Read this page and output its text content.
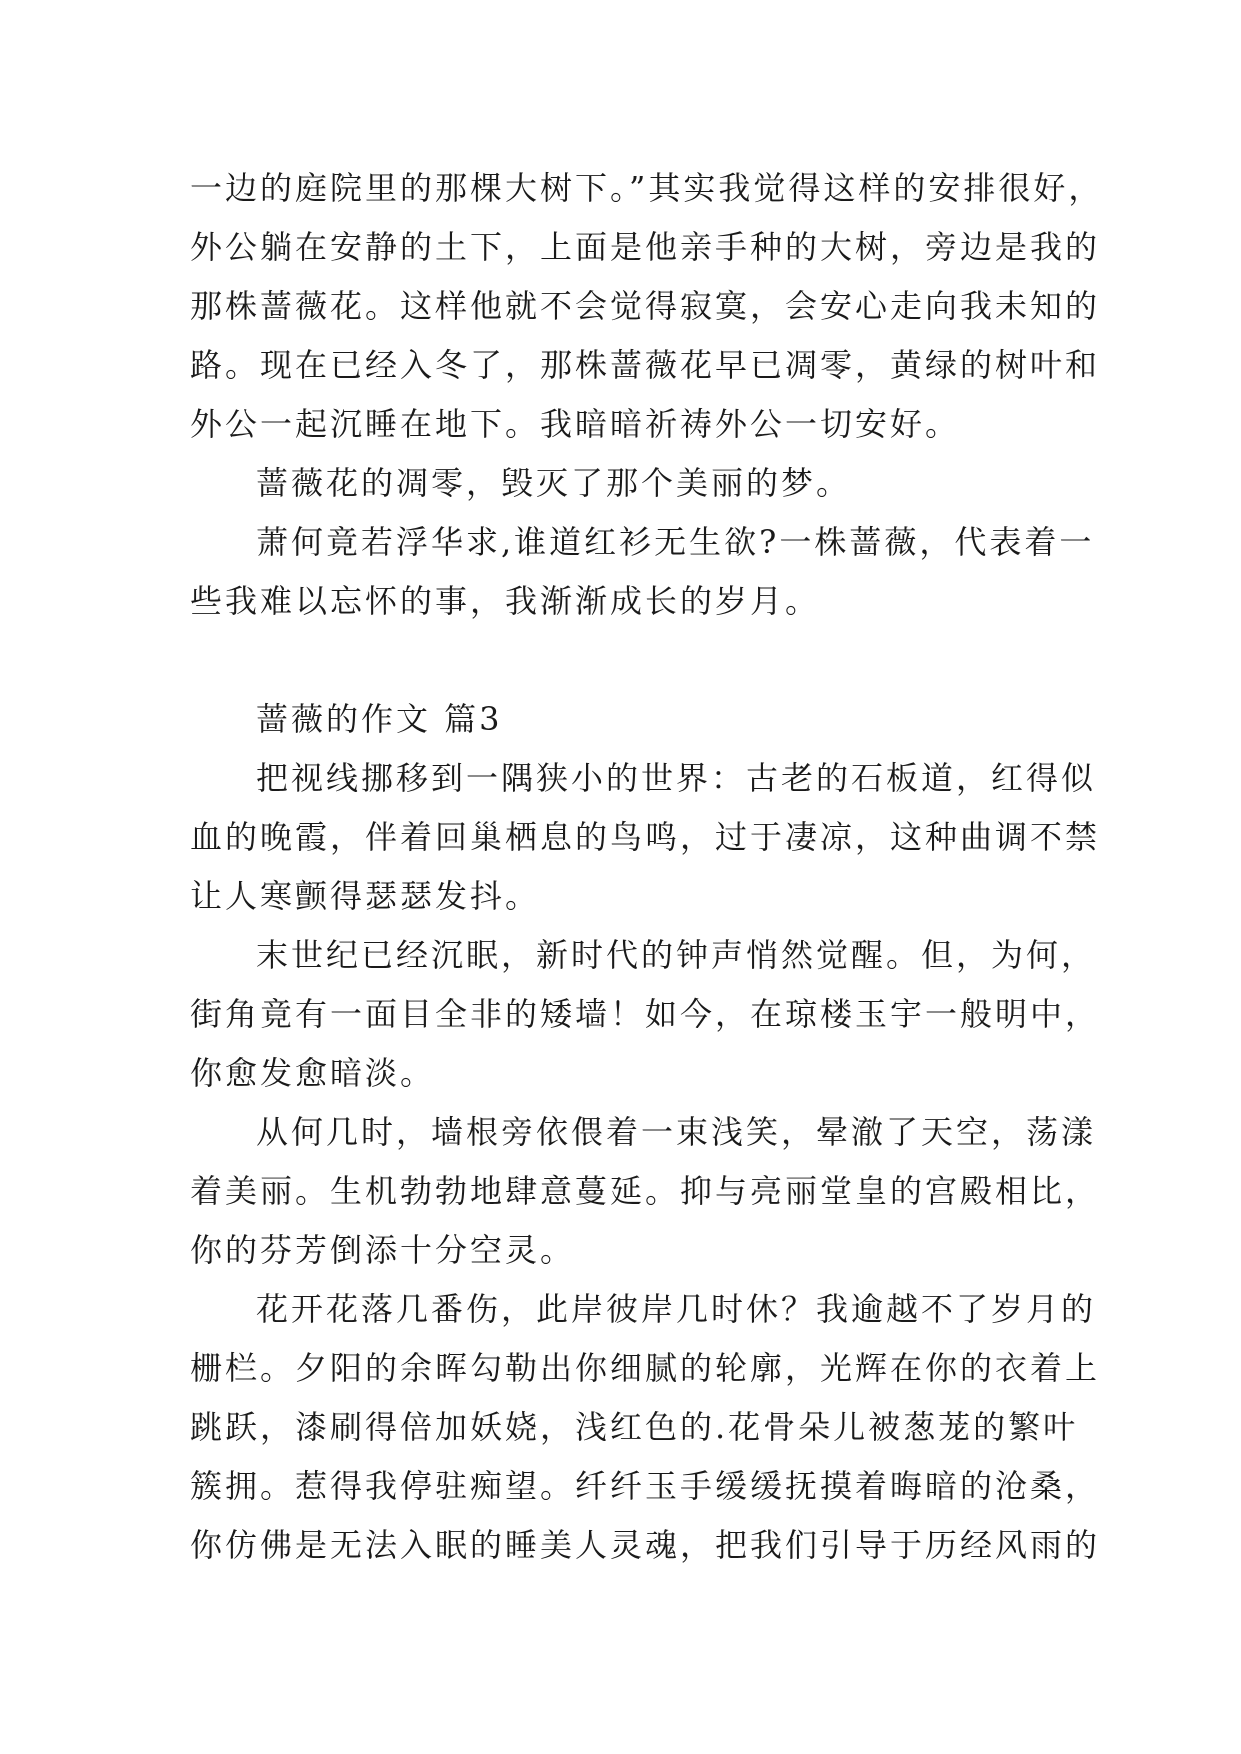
一边的庭院里的那棵大树下。”其实我觉得这样的安排很好，
外公躺在安静的土下，上面是他亲手种的大树，旁边是我的
那株蔷薇花。这样他就不会觉得寂寞，会安心走向我未知的
路。现在已经入冬了，那株蔷薇花早已凋零，黄绿的树叶和
外公一起沉睡在地下。我暗暗祈祷外公一切安好。
蔷薇花的凋零，毁灭了那个美丽的梦。
萧何竟若浮华求,谁道红衫无生欲?一株蔷薇，代表着一
些我难以忘怀的事，我渐渐成长的岁月。
蔷薇的作文 篇3
把视线挪移到一隅狭小的世界：古老的石板道，红得似
血的晚霞，伴着回巢栖息的鸟鸣，过于凄凉，这种曲调不禁
让人寒颤得瑟瑟发抖。
末世纪已经沉眠，新时代的钟声悄然觉醒。但，为何，
街角竟有一面目全非的矮墙！如今，在琼楼玉宇一般明中，
你愈发愈暗淡。
从何几时，墙根旁依偎着一束浅笑，晕澈了天空，荡漾
着美丽。生机勃勃地肆意蔓延。抑与亮丽堂皇的宫殿相比，
你的芬芳倒添十分空灵。
花开花落几番伤，此岸彼岸几时休？我逾越不了岁月的
栅栏。夕阳的余晖勾勒出你细腻的轮廓，光辉在你的衣着上
跳跃，漆刷得倍加妖娆，浅红色的.花骨朵儿被葱茏的繁叶
簇拥。惹得我停驻痴望。纤纤玉手缓缓抚摸着晦暗的沧桑，
你仿佛是无法入眠的睡美人灵魂，把我们引导于历经风雨的
